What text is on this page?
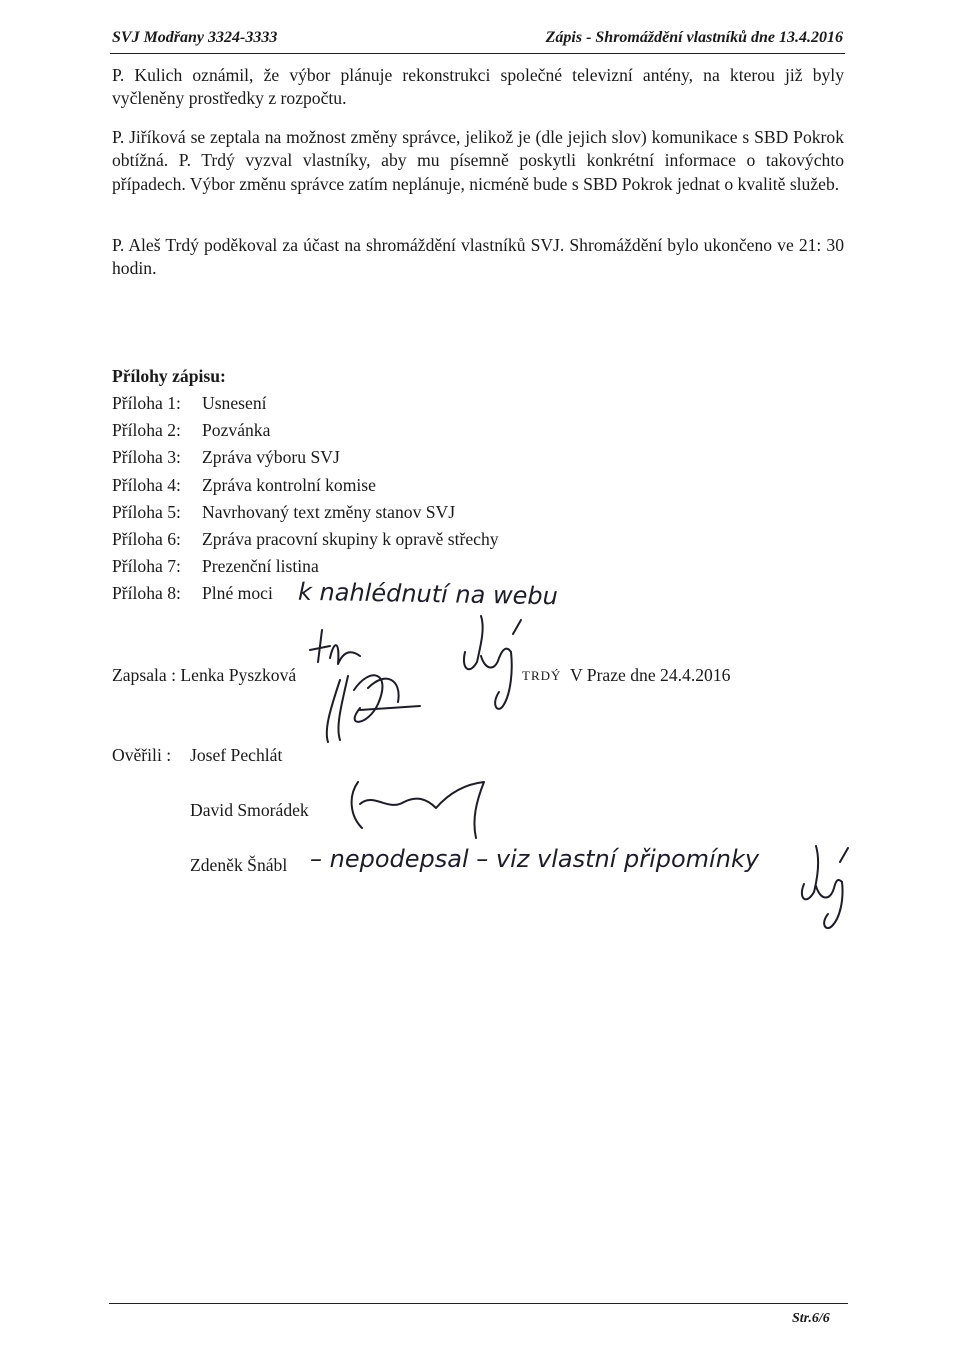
SVJ Modřany 3324-3333	Zápis - Shromáždění vlastníků dne 13.4.2016

P. Kulich oznámil, že výbor plánuje rekonstrukci společné televizní antény, na kterou již byly vyčleněny prostředky z rozpočtu.

P. Jiříková se zeptala na možnost změny správce, jelikož je (dle jejich slov) komunikace s SBD Pokrok obtížná. P. Trdý vyzval vlastníky, aby mu písemně poskytli konkrétní informace o takovýchto případech. Výbor změnu správce zatím neplánuje, nicméně bude s SBD Pokrok jednat o kvalitě služeb.

P. Aleš Trdý poděkoval za účast na shromáždění vlastníků SVJ. Shromáždění bylo ukončeno ve 21: 30 hodin.

Přílohy zápisu:

Příloha 1: Usnesení
Příloha 2: Pozvánka
Příloha 3: Zpráva výboru SVJ
Příloha 4: Zpráva kontrolní komise
Příloha 5: Navrhovaný text změny stanov SVJ
Příloha 6: Zpráva pracovní skupiny k opravě střechy
Příloha 7: Prezenční listina
Příloha 8: Plné moci	k nahlédnutí na webu
Zapsala : Lenka Pyszková	TRDÝ V Praze dne 24.4.2016
Ověřili : Josef Pechlát
David Smorádek
Zdeněk Šnábl – nepodepsal – viz vlastní připomínky
Str.6/6
